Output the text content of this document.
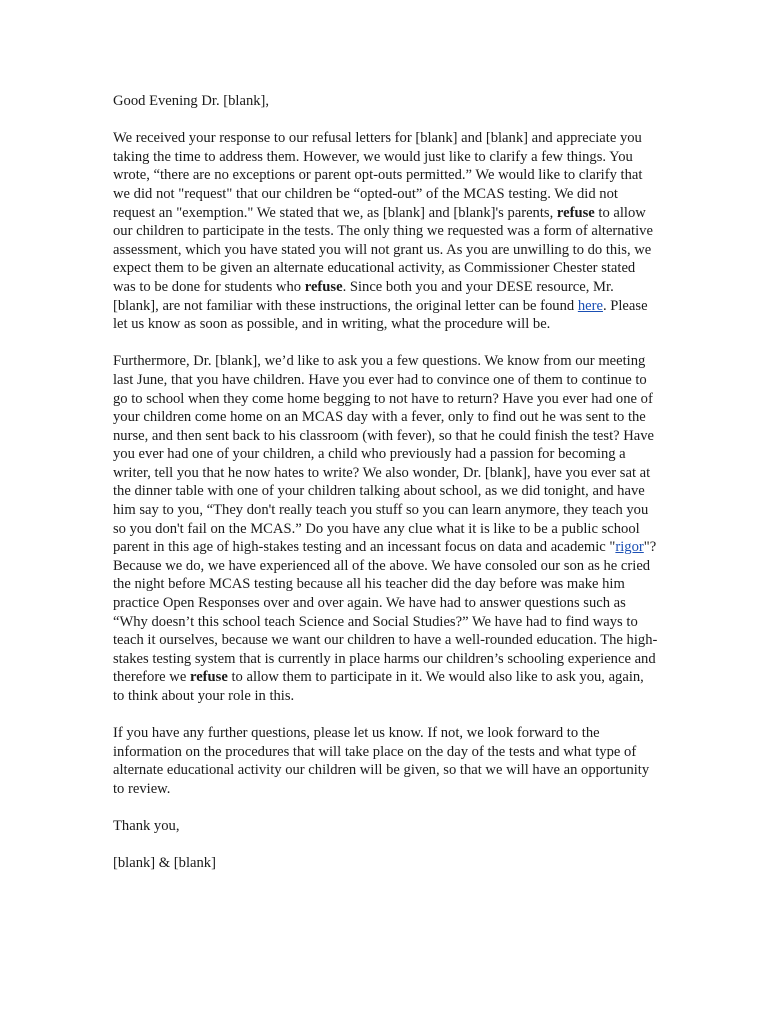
Good Evening Dr. [blank],

We received your response to our refusal letters for [blank] and [blank] and appreciate you taking the time to address them. However, we would just like to clarify a few things. You wrote, “there are no exceptions or parent opt-outs permitted.” We would like to clarify that we did not "request" that our children be “opted-out” of the MCAS testing. We did not request an "exemption." We stated that we, as [blank] and [blank]'s parents, refuse to allow our children to participate in the tests. The only thing we requested was a form of alternative assessment, which you have stated you will not grant us. As you are unwilling to do this, we expect them to be given an alternate educational activity, as Commissioner Chester stated was to be done for students who refuse. Since both you and your DESE resource, Mr. [blank], are not familiar with these instructions, the original letter can be found here. Please let us know as soon as possible, and in writing, what the procedure will be.

Furthermore, Dr. [blank], we’d like to ask you a few questions. We know from our meeting last June, that you have children. Have you ever had to convince one of them to continue to go to school when they come home begging to not have to return? Have you ever had one of your children come home on an MCAS day with a fever, only to find out he was sent to the nurse, and then sent back to his classroom (with fever), so that he could finish the test? Have you ever had one of your children, a child who previously had a passion for becoming a writer, tell you that he now hates to write? We also wonder, Dr. [blank], have you ever sat at the dinner table with one of your children talking about school, as we did tonight, and have him say to you, “They don't really teach you stuff so you can learn anymore, they teach you so you don't fail on the MCAS.” Do you have any clue what it is like to be a public school parent in this age of high-stakes testing and an incessant focus on data and academic "rigor"? Because we do, we have experienced all of the above. We have consoled our son as he cried the night before MCAS testing because all his teacher did the day before was make him practice Open Responses over and over again. We have had to answer questions such as “Why doesn’t this school teach Science and Social Studies?” We have had to find ways to teach it ourselves, because we want our children to have a well-rounded education. The high-stakes testing system that is currently in place harms our children’s schooling experience and therefore we refuse to allow them to participate in it. We would also like to ask you, again, to think about your role in this.

If you have any further questions, please let us know. If not, we look forward to the information on the procedures that will take place on the day of the tests and what type of alternate educational activity our children will be given, so that we will have an opportunity to review.

Thank you,

[blank] & [blank]
